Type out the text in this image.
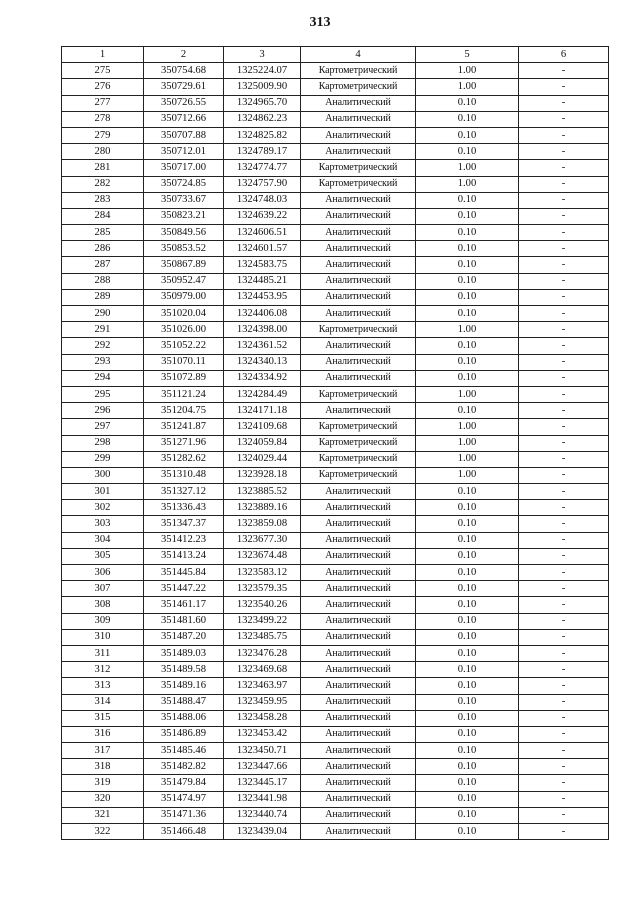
313
1	2	3	4	5	6
275	350754.68	1325224.07	Картометрический	1.00	-
276	350729.61	1325009.90	Картометрический	1.00	-
277	350726.55	1324965.70	Аналитический	0.10	-
278	350712.66	1324862.23	Аналитический	0.10	-
279	350707.88	1324825.82	Аналитический	0.10	-
280	350712.01	1324789.17	Аналитический	0.10	-
281	350717.00	1324774.77	Картометрический	1.00	-
282	350724.85	1324757.90	Картометрический	1.00	-
283	350733.67	1324748.03	Аналитический	0.10	-
284	350823.21	1324639.22	Аналитический	0.10	-
285	350849.56	1324606.51	Аналитический	0.10	-
286	350853.52	1324601.57	Аналитический	0.10	-
287	350867.89	1324583.75	Аналитический	0.10	-
288	350952.47	1324485.21	Аналитический	0.10	-
289	350979.00	1324453.95	Аналитический	0.10	-
290	351020.04	1324406.08	Аналитический	0.10	-
291	351026.00	1324398.00	Картометрический	1.00	-
292	351052.22	1324361.52	Аналитический	0.10	-
293	351070.11	1324340.13	Аналитический	0.10	-
294	351072.89	1324334.92	Аналитический	0.10	-
295	351121.24	1324284.49	Картометрический	1.00	-
296	351204.75	1324171.18	Аналитический	0.10	-
297	351241.87	1324109.68	Картометрический	1.00	-
298	351271.96	1324059.84	Картометрический	1.00	-
299	351282.62	1324029.44	Картометрический	1.00	-
300	351310.48	1323928.18	Картометрический	1.00	-
301	351327.12	1323885.52	Аналитический	0.10	-
302	351336.43	1323889.16	Аналитический	0.10	-
303	351347.37	1323859.08	Аналитический	0.10	-
304	351412.23	1323677.30	Аналитический	0.10	-
305	351413.24	1323674.48	Аналитический	0.10	-
306	351445.84	1323583.12	Аналитический	0.10	-
307	351447.22	1323579.35	Аналитический	0.10	-
308	351461.17	1323540.26	Аналитический	0.10	-
309	351481.60	1323499.22	Аналитический	0.10	-
310	351487.20	1323485.75	Аналитический	0.10	-
311	351489.03	1323476.28	Аналитический	0.10	-
312	351489.58	1323469.68	Аналитический	0.10	-
313	351489.16	1323463.97	Аналитический	0.10	-
314	351488.47	1323459.95	Аналитический	0.10	-
315	351488.06	1323458.28	Аналитический	0.10	-
316	351486.89	1323453.42	Аналитический	0.10	-
317	351485.46	1323450.71	Аналитический	0.10	-
318	351482.82	1323447.66	Аналитический	0.10	-
319	351479.84	1323445.17	Аналитический	0.10	-
320	351474.97	1323441.98	Аналитический	0.10	-
321	351471.36	1323440.74	Аналитический	0.10	-
322	351466.48	1323439.04	Аналитический	0.10	-
